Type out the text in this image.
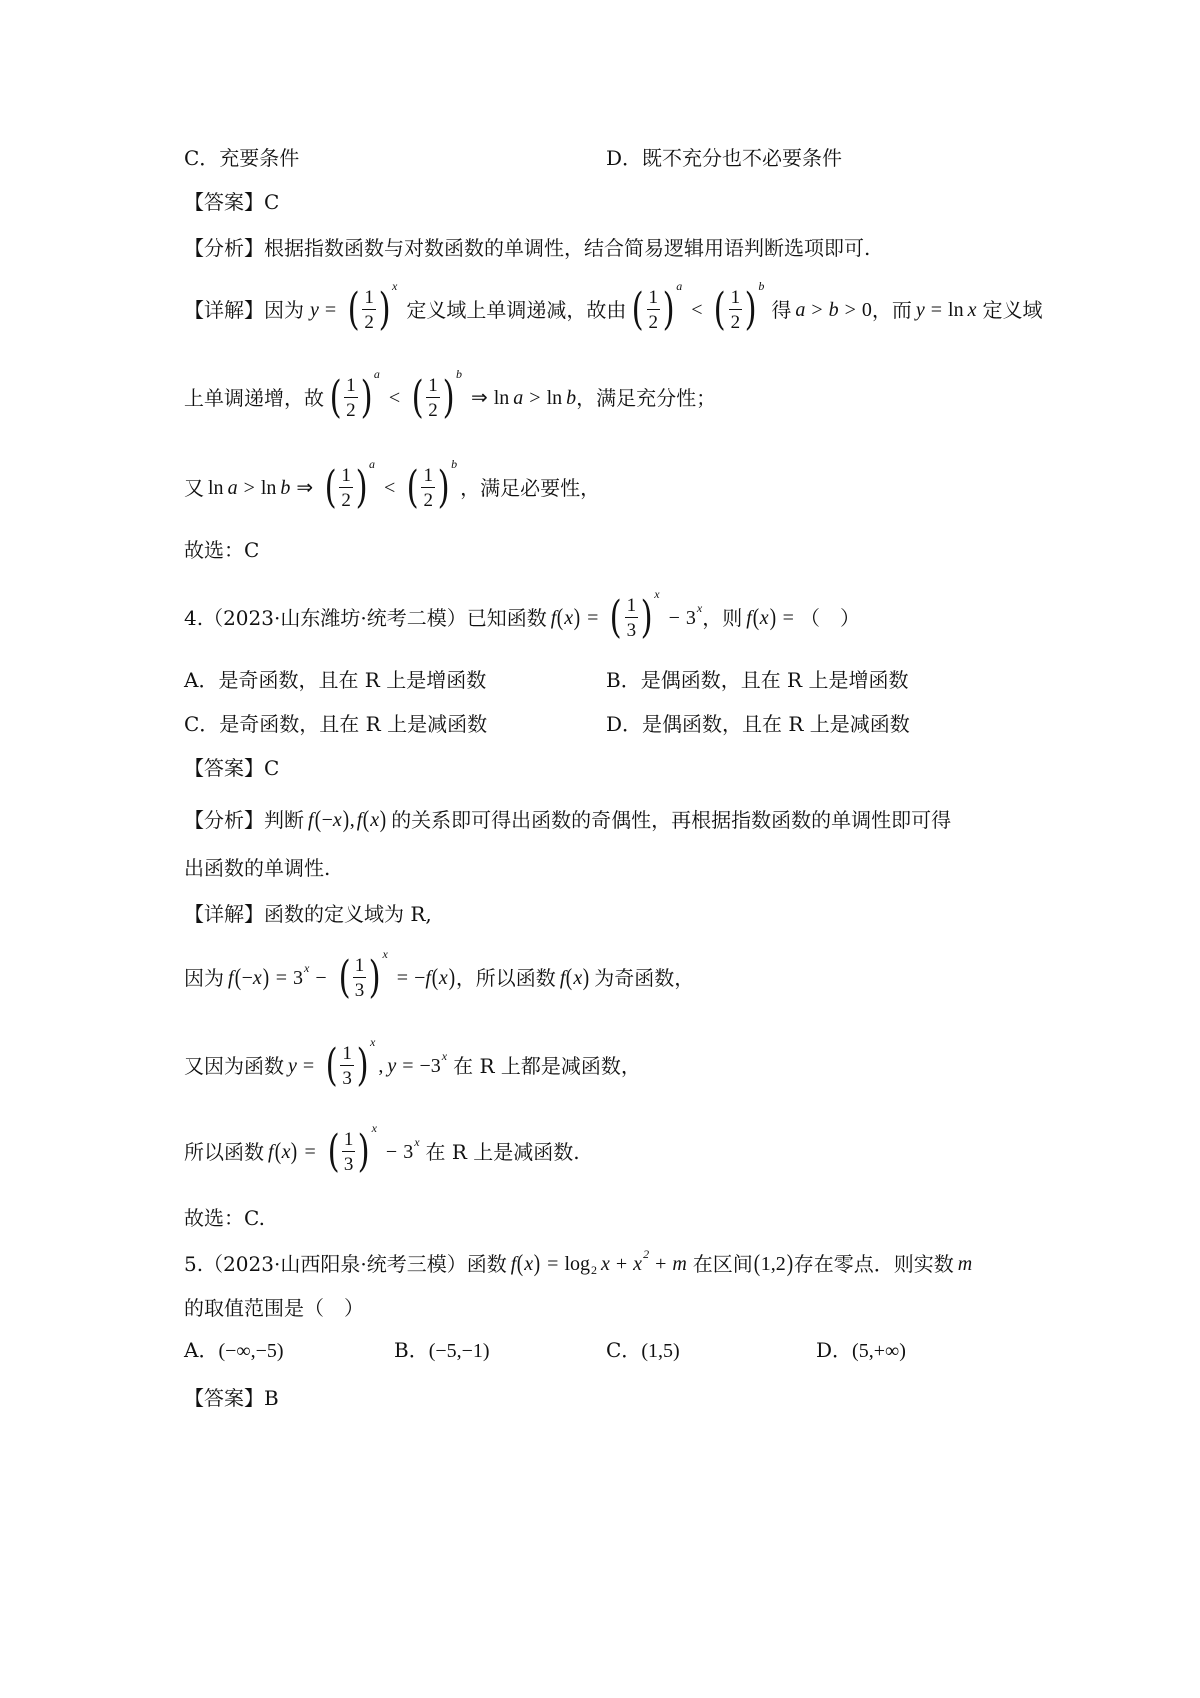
C．充要条件	D．既不充分也不必要条件
【答案】C
【分析】根据指数函数与对数函数的单调性，结合简易逻辑用语判断选项即可.
【详解】因为 y = ( $\frac{1}{2}$ ) x
定义域上单调递减，故由 ( $\frac{1}{2}$ ) a
< ( $\frac{1}{2}$ ) b
得 a > b > 0 ，而 y = ln x 定义域
上单调递增，故 ( $\frac{1}{2}$ ) a
< ( $\frac{1}{2}$ ) b
⇒ ln a > ln b ，满足充分性；
又 ln a > ln b ⇒ ( $\frac{1}{2}$ ) a
< ( $\frac{1}{2}$ ) b
，满足必要性，
故选：C
4.（2023·山东潍坊·统考二模）已知函数 f ( x ) = ( $\frac{1}{3}$ ) x
− 3 x ，则 f ( x ) = （　）
A．是奇函数，且在 R 上是增函数	B．是偶函数，且在 R 上是增函数
C．是奇函数，且在 R 上是减函数	D．是偶函数，且在 R 上是减函数
【答案】C
【分析】判断 f ( − x ) , f ( x ) 的关系即可得出函数的奇偶性，再根据指数函数的单调性即可得
出函数的单调性.
【详解】函数的定义域为 R,
因为 f ( − x ) = 3 x − ( $\frac{1}{3}$ ) x
= − f ( x ) ，所以函数 f ( x ) 为奇函数，
又因为函数 y = ( $\frac{1}{3}$ ) x
, y = −3 x 在 R 上都是减函数，
所以函数 f ( x ) = ( $\frac{1}{3}$ ) x
− 3 x 在 R 上是减函数.
故选：C.
5.（2023·山西阳泉·统考三模）函数 f ( x ) = log 2 x + x 2 + m 在区间 ( 1,2 ) 存在零点．则实数 m
的取值范围是（　）
A．(−∞,−5)	B．(−5,−1)	C．(1,5)	D．(5,+∞)
【答案】B
